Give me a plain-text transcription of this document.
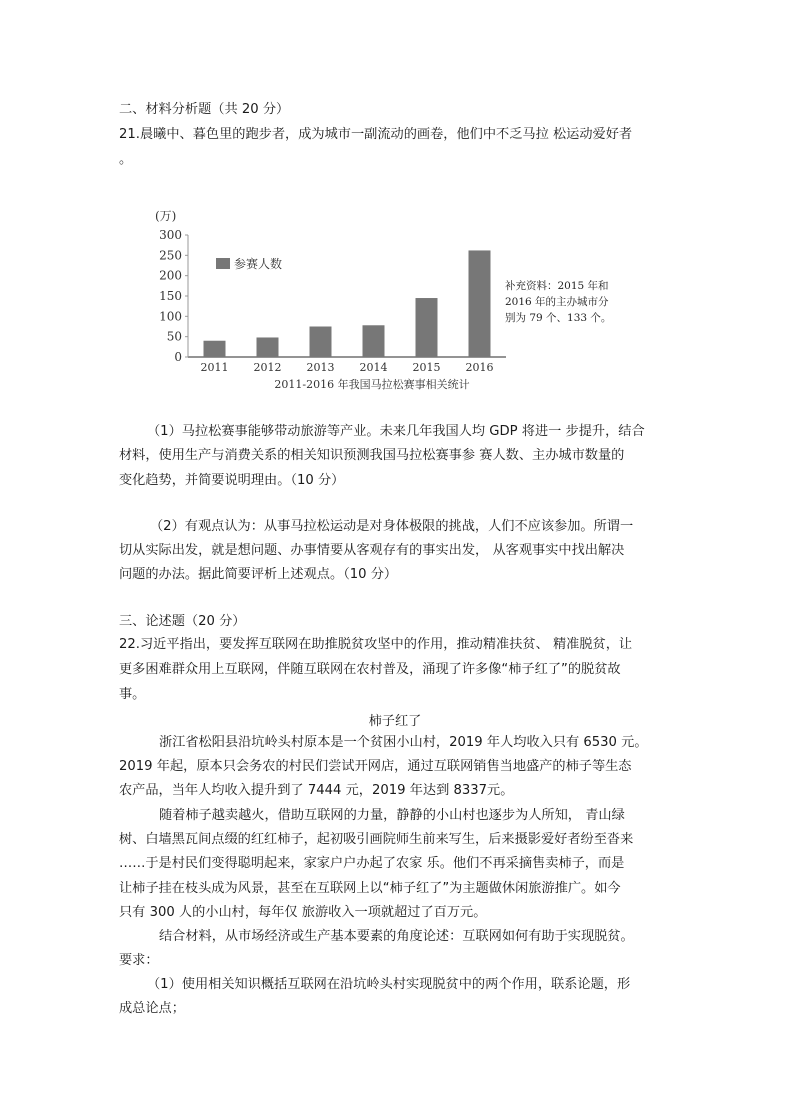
二、材料分析题（共 20 分）
21.晨曦中、暮色里的跑步者，成为城市一副流动的画卷，他们中不乏马拉 松运动爱好者
。
(万)
0
50
100
150
200
250
300
2011 2012 2013 2014 2015 2016
参赛人数
2011-2016 年我国马拉松赛事相关统计
补充资料：2015 年和
2016 年的主办城市分
别为 79 个、133 个。
（1）马拉松赛事能够带动旅游等产业。未来几年我国人均 GDP 将进一 步提升，结合
材料，使用生产与消费关系的相关知识预测我国马拉松赛事参 赛人数、主办城市数量的
变化趋势，并简要说明理由。（10 分）
（2）有观点认为：从事马拉松运动是对身体极限的挑战，人们不应该参加。所谓一
切从实际出发，就是想问题、办事情要从客观存有的事实出发， 从客观事实中找出解决
问题的办法。据此简要评析上述观点。（10 分）
三、论述题（20 分）
22.习近平指出，要发挥互联网在助推脱贫攻坚中的作用，推动精准扶贫、 精准脱贫，让
更多困难群众用上互联网，伴随互联网在农村普及，涌现了许多像“柿子红了”的脱贫故
事。
柿子红了
浙江省松阳县沿坑岭头村原本是一个贫困小山村，2019 年人均收入只有 6530 元。
2019 年起，原本只会务农的村民们尝试开网店，通过互联网销售当地盛产的柿子等生态
农产品，当年人均收入提升到了 7444 元，2019 年达到 8337元。
随着柿子越卖越火，借助互联网的力量，静静的小山村也逐步为人所知， 青山绿
树、白墙黑瓦间点缀的红红柿子，起初吸引画院师生前来写生，后来摄影爱好者纷至沓来
……于是村民们变得聪明起来，家家户户办起了农家 乐。他们不再采摘售卖柿子，而是
让柿子挂在枝头成为风景，甚至在互联网上以“柿子红了”为主题做休闲旅游推广。如今
只有 300 人的小山村，每年仅 旅游收入一项就超过了百万元。
结合材料，从市场经济或生产基本要素的角度论述：互联网如何有助于实现脱贫。
要求：
（1）使用相关知识概括互联网在沿坑岭头村实现脱贫中的两个作用，联系论题，形
成总论点；
